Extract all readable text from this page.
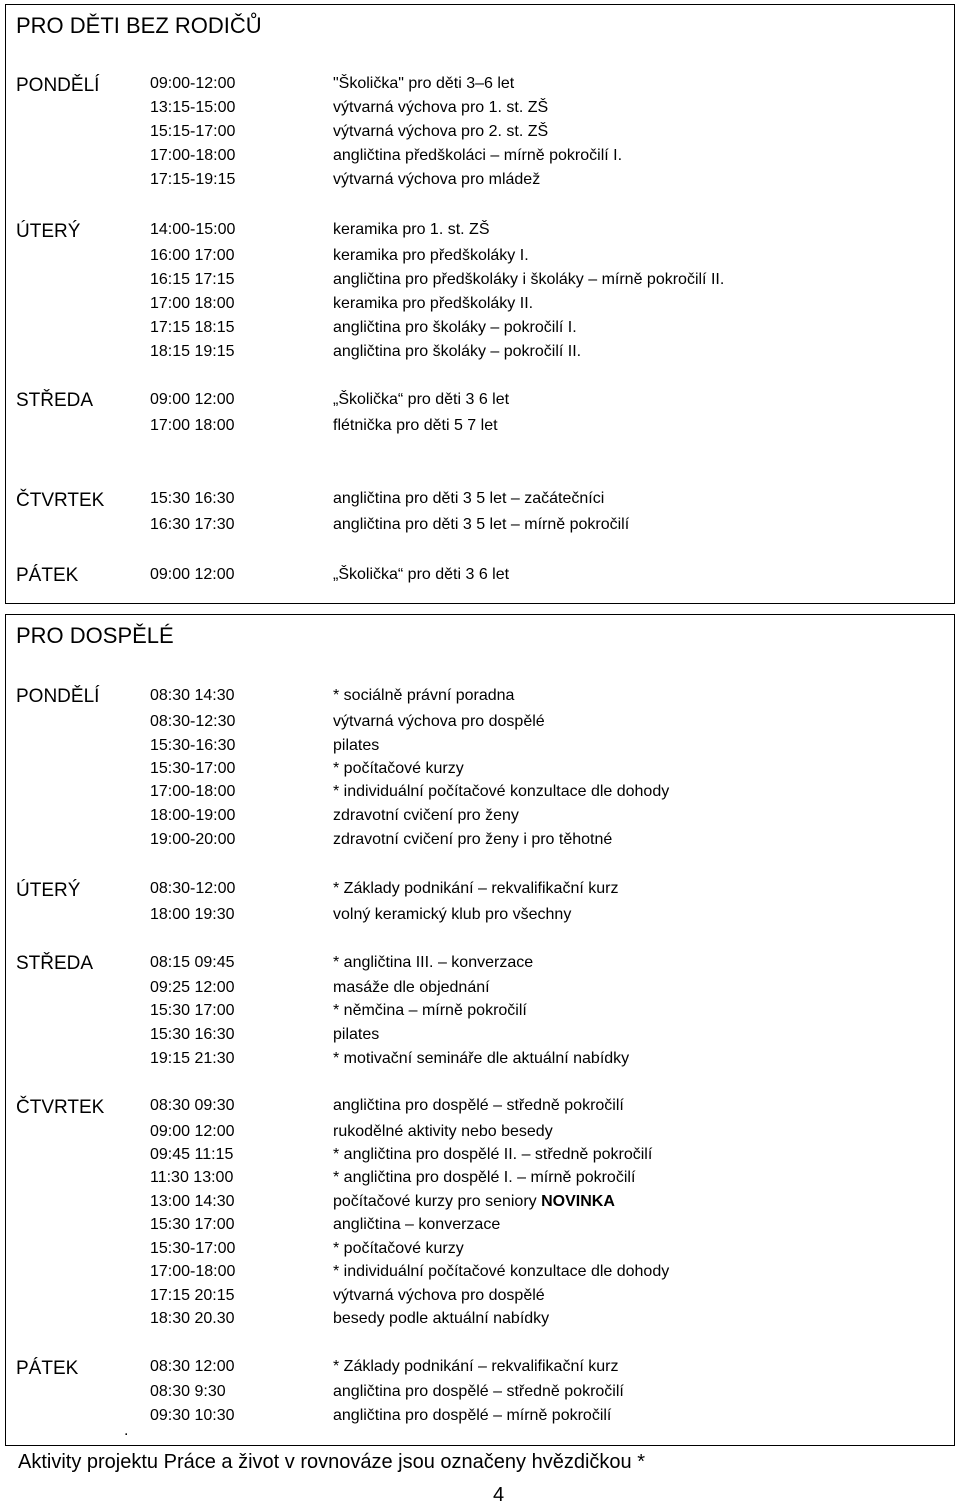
PRO DĚTI BEZ RODIČŮ
PONDĚLÍ	09:00-12:00	"Školička" pro děti 3–6 let
13:15-15:00	výtvarná výchova pro 1. st. ZŠ
15:15-17:00	výtvarná výchova pro 2. st. ZŠ
17:00-18:00	angličtina předškoláci – mírně pokročilí I.
17:15-19:15	výtvarná výchova pro mládež
ÚTERÝ	14:00-15:00	keramika pro 1. st. ZŠ
16:00 17:00	keramika pro předškoláky I.
16:15 17:15	angličtina pro předškoláky i školáky – mírně pokročilí II.
17:00 18:00	keramika pro předškoláky II.
17:15 18:15	angličtina pro školáky – pokročilí I.
18:15 19:15	angličtina pro školáky – pokročilí II.
STŘEDA	09:00 12:00	„Školička“ pro děti 3 6 let
17:00 18:00	flétnička pro děti 5 7 let
ČTVRTEK	15:30 16:30	angličtina pro děti 3 5 let – začátečníci
16:30 17:30	angličtina pro děti 3 5 let – mírně pokročilí
PÁTEK	09:00 12:00	„Školička“ pro děti 3 6 let
PRO DOSPĚLÉ
PONDĚLÍ	08:30 14:30	* sociálně právní poradna
08:30-12:30	výtvarná výchova pro dospělé
15:30-16:30	pilates
15:30-17:00	* počítačové kurzy
17:00-18:00	* individuální počítačové konzultace dle dohody
18:00-19:00	zdravotní cvičení pro ženy
19:00-20:00	zdravotní cvičení pro ženy i pro těhotné
ÚTERÝ	08:30-12:00	* Základy podnikání – rekvalifikační kurz
18:00 19:30	volný keramický klub pro všechny
STŘEDA	08:15 09:45	* angličtina III. – konverzace
09:25 12:00	masáže dle objednání
15:30 17:00	* němčina – mírně pokročilí
15:30 16:30	pilates
19:15 21:30	* motivační semináře dle aktuální nabídky
ČTVRTEK	08:30 09:30	angličtina pro dospělé – středně pokročilí
09:00 12:00	rukodělné aktivity nebo besedy
09:45 11:15	* angličtina pro dospělé II. – středně pokročilí
11:30 13:00	* angličtina pro dospělé I. – mírně pokročilí
13:00 14:30	počítačové kurzy pro seniory NOVINKA
15:30 17:00	angličtina – konverzace
15:30-17:00	* počítačové kurzy
17:00-18:00	* individuální počítačové konzultace dle dohody
17:15 20:15	výtvarná výchova pro dospělé
18:30 20.30	besedy podle aktuální nabídky
PÁTEK	08:30 12:00	* Základy podnikání – rekvalifikační kurz
08:30 9:30	angličtina pro dospělé – středně pokročilí
09:30 10:30	angličtina pro dospělé – mírně pokročilí
.
Aktivity projektu Práce a život v rovnováze jsou označeny hvězdičkou *
4
